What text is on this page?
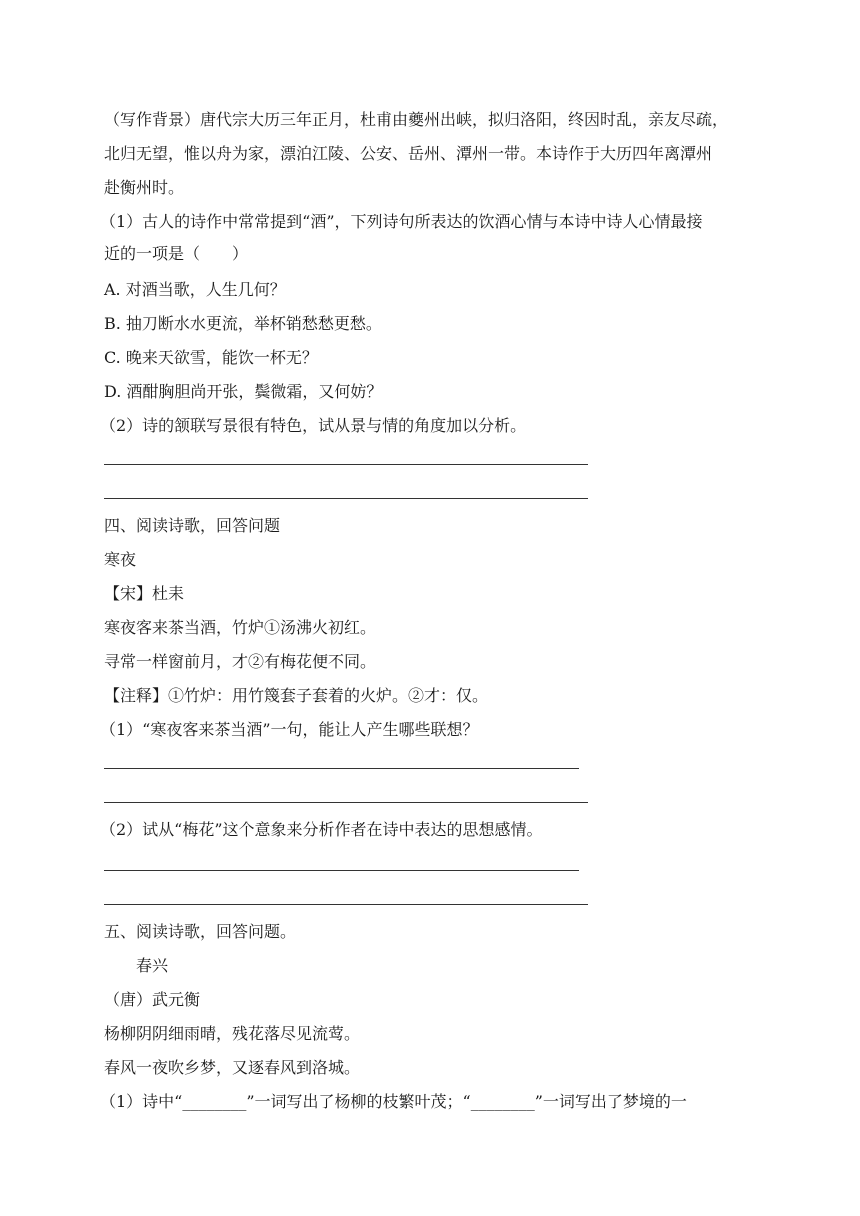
（写作背景）唐代宗大历三年正月，杜甫由夔州出峡，拟归洛阳，终因时乱，亲友尽疏，
北归无望，惟以舟为家，漂泊江陵、公安、岳州、潭州一带。本诗作于大历四年离潭州
赴衡州时。
（1）古人的诗作中常常提到“酒”，下列诗句所表达的饮酒心情与本诗中诗人心情最接
近的一项是（　　）
A. 对酒当歌，人生几何？
B. 抽刀断水水更流，举杯销愁愁更愁。
C. 晚来天欲雪，能饮一杯无？
D. 酒酣胸胆尚开张，鬓微霜，又何妨？
（2）诗的颔联写景很有特色，试从景与情的角度加以分析。
四、阅读诗歌，回答问题
寒夜
【宋】杜耒
寒夜客来茶当酒，竹炉①汤沸火初红。
寻常一样窗前月，才②有梅花便不同。
【注释】①竹炉：用竹篾套子套着的火炉。②才：仅。
（1）“寒夜客来茶当酒”一句，能让人产生哪些联想？
（2）试从“梅花”这个意象来分析作者在诗中表达的思想感情。
五、阅读诗歌，回答问题。
春兴
（唐）武元衡
杨柳阴阴细雨晴，残花落尽见流莺。
春风一夜吹乡梦，又逐春风到洛城。
（1）诗中“________”一词写出了杨柳的枝繁叶茂；“________”一词写出了梦境的一
